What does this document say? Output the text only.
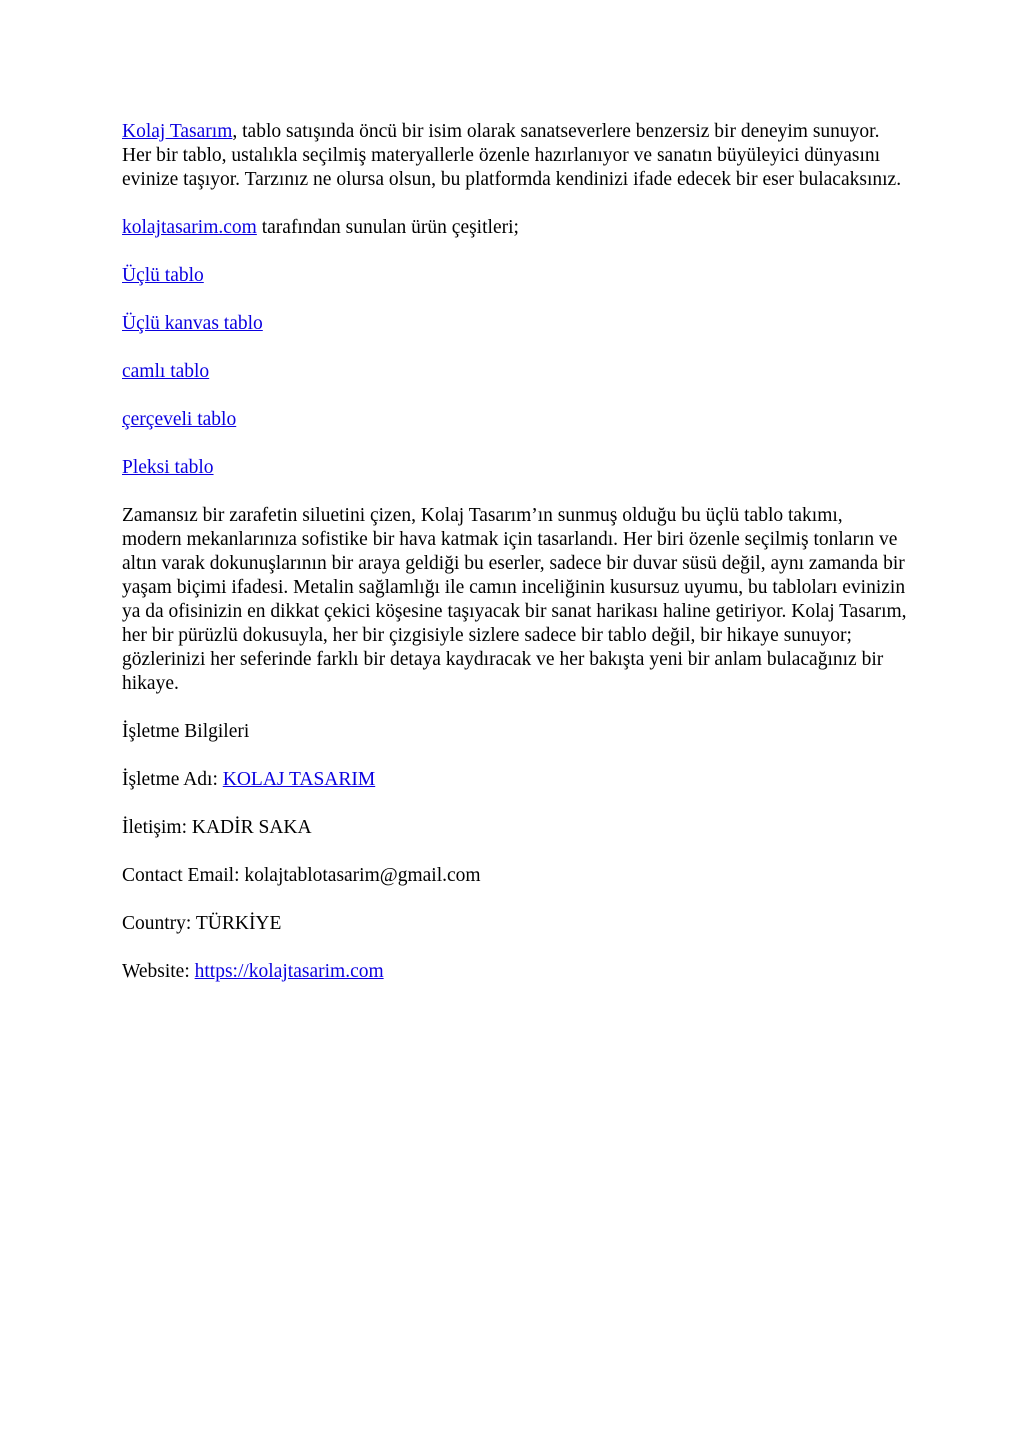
Kolaj Tasarım, tablo satışında öncü bir isim olarak sanatseverlere benzersiz bir deneyim sunuyor. Her bir tablo, ustalıkla seçilmiş materyallerle özenle hazırlanıyor ve sanatın büyüleyici dünyasını evinize taşıyor. Tarzınız ne olursa olsun, bu platformda kendinizi ifade edecek bir eser bulacaksınız.

kolajtasarim.com tarafından sunulan ürün çeşitleri;

Üçlü tablo

Üçlü kanvas tablo

camlı tablo

çerçeveli tablo

Pleksi tablo

Zamansız bir zarafetin siluetini çizen, Kolaj Tasarım’ın sunmuş olduğu bu üçlü tablo takımı, modern mekanlarınıza sofistike bir hava katmak için tasarlandı. Her biri özenle seçilmiş tonların ve altın varak dokunuşlarının bir araya geldiği bu eserler, sadece bir duvar süsü değil, aynı zamanda bir yaşam biçimi ifadesi. Metalin sağlamlığı ile camın inceliğinin kusursuz uyumu, bu tabloları evinizin ya da ofisinizin en dikkat çekici köşesine taşıyacak bir sanat harikası haline getiriyor. Kolaj Tasarım, her bir pürüzlü dokusuyla, her bir çizgisiyle sizlere sadece bir tablo değil, bir hikaye sunuyor; gözlerinizi her seferinde farklı bir detaya kaydıracak ve her bakışta yeni bir anlam bulacağınız bir hikaye.

İşletme Bilgileri

İşletme Adı: KOLAJ TASARIM

İletişim: KADİR SAKA

Contact Email: kolajtablotasarim@gmail.com

Country: TÜRKİYE

Website: https://kolajtasarim.com
